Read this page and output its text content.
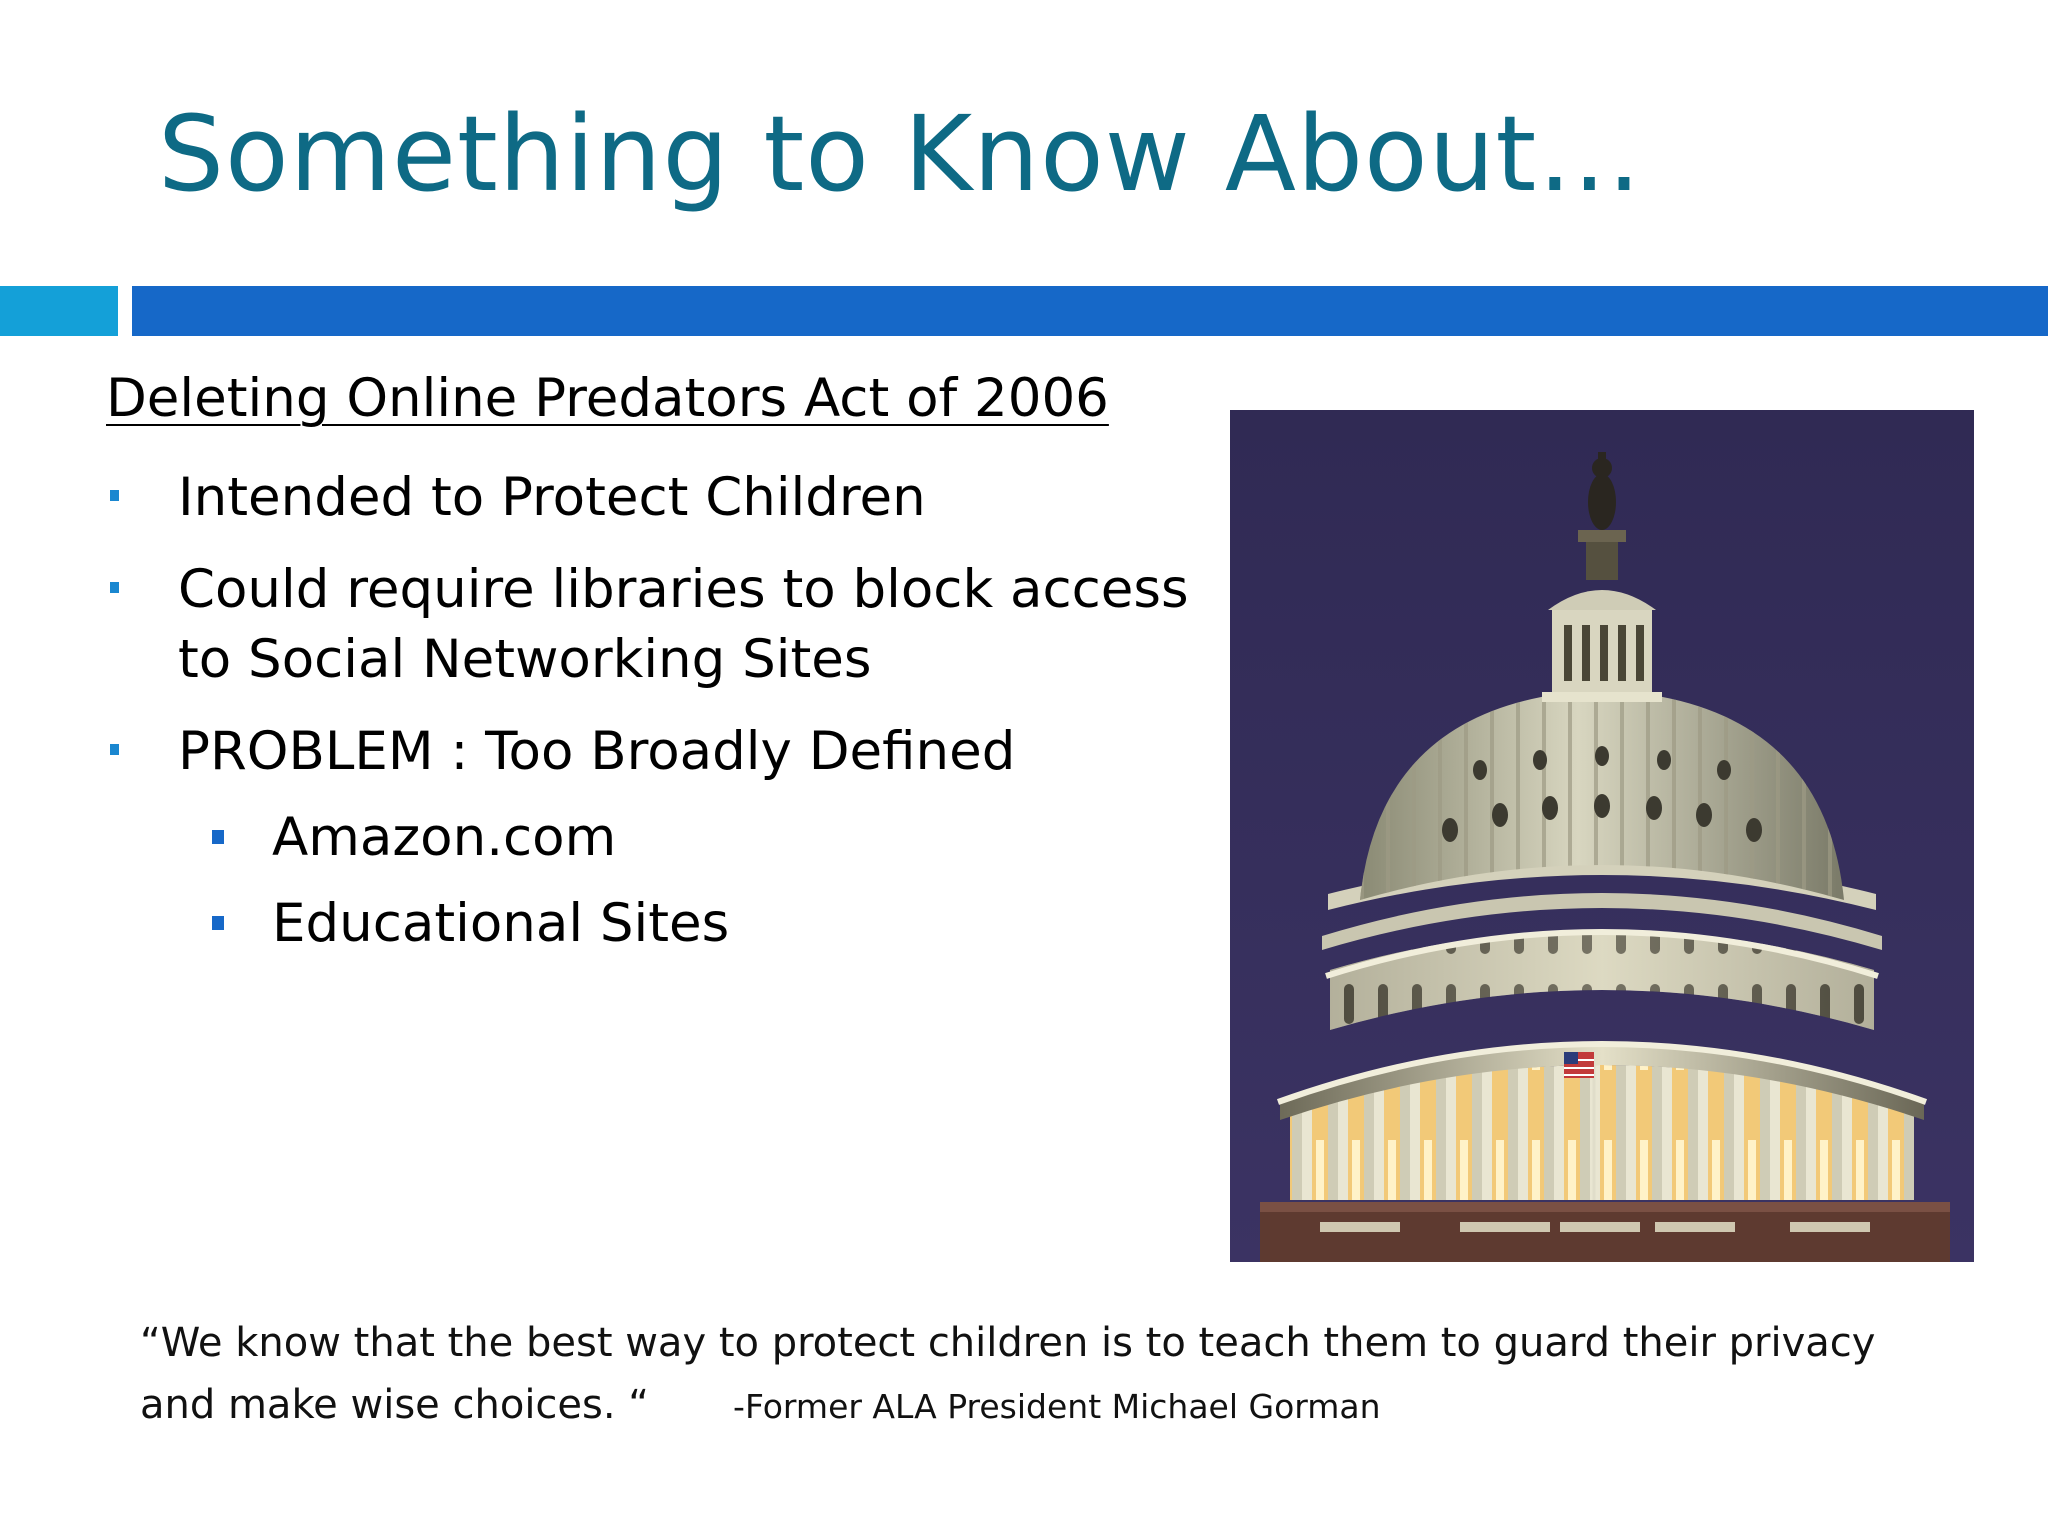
Something to Know About…
Deleting Online Predators Act of 2006
Intended to Protect Children
Could require libraries to block access
to Social Networking Sites
PROBLEM : Too Broadly Defined
Amazon.com
Educational Sites

“We know that the best way to protect children is to teach them to guard their privacy
and make wise choices. “	-Former ALA President Michael Gorman
